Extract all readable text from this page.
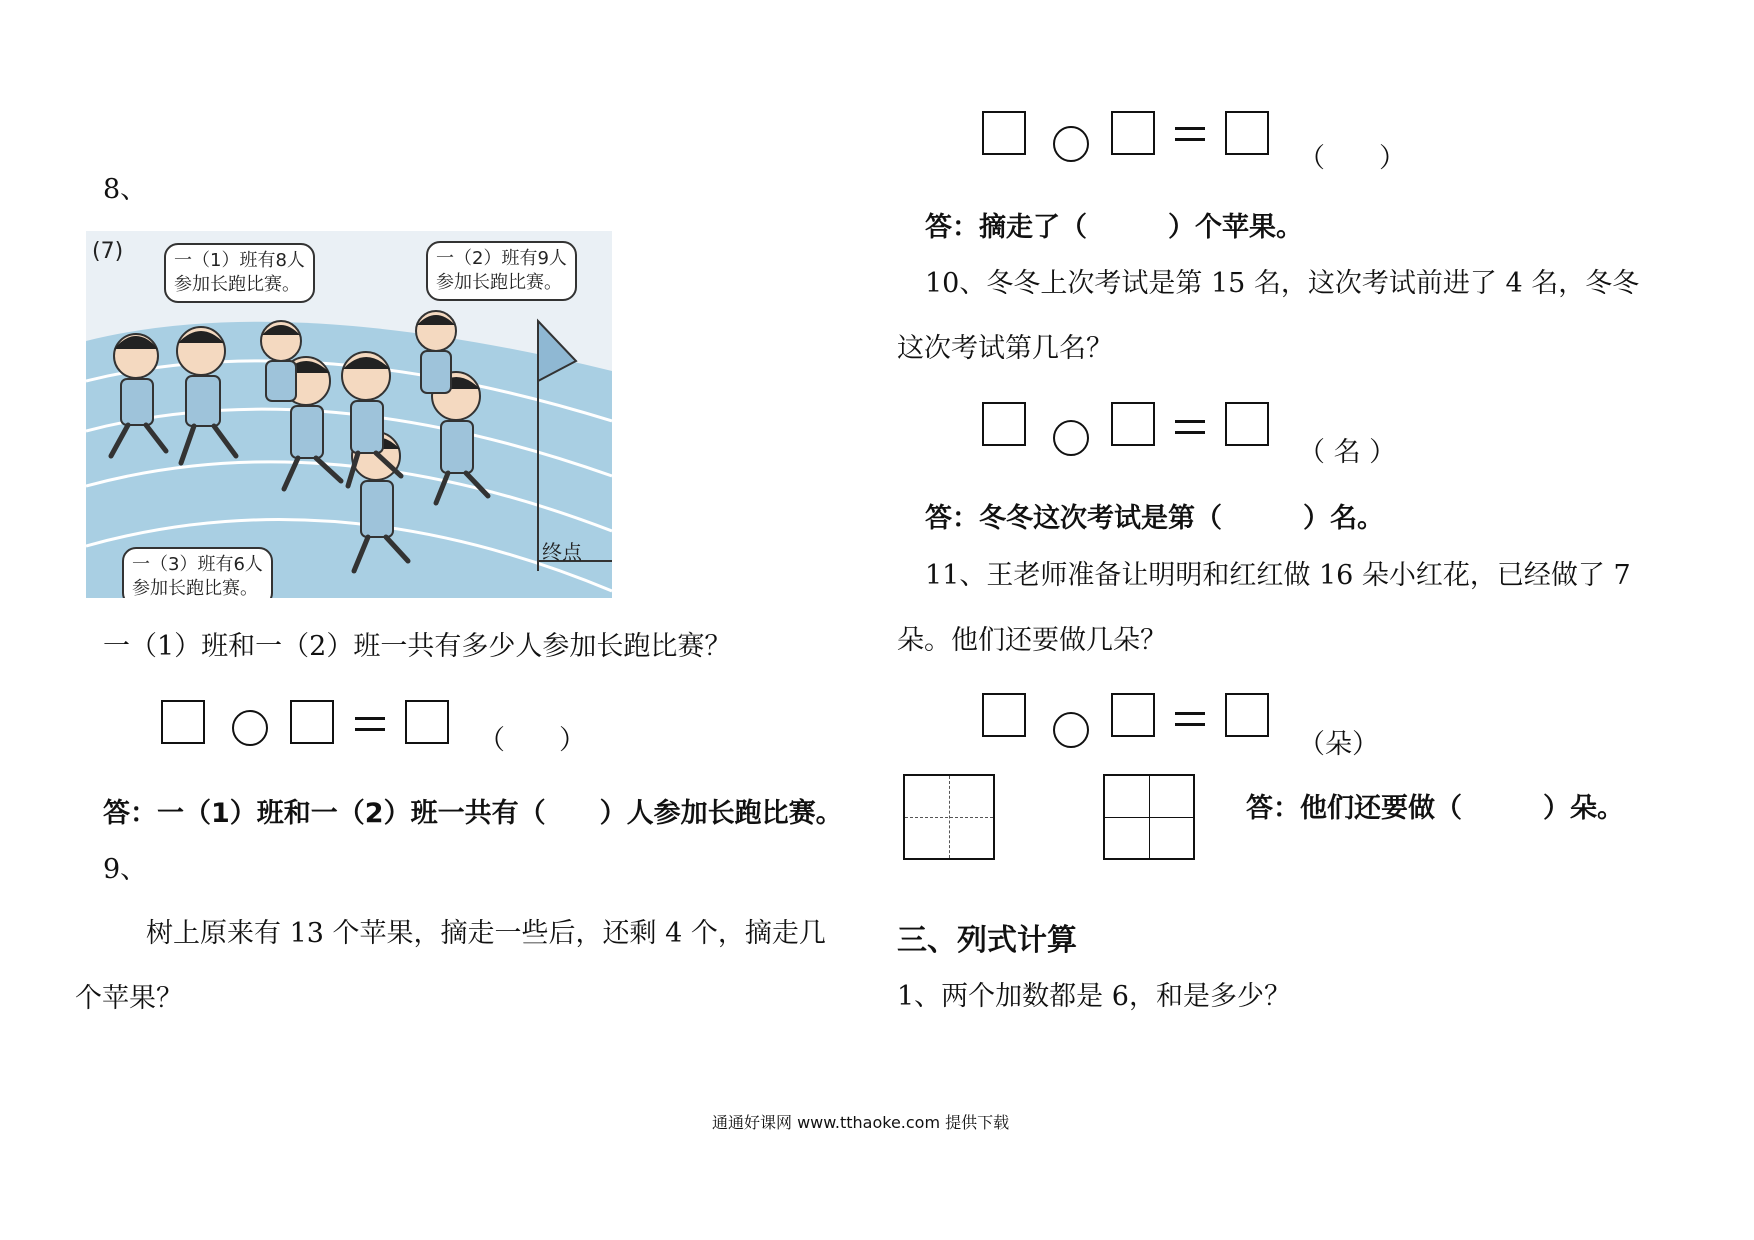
8、
(7)	一（1）班有8人
参加长跑比赛。
一（2）班有9人
参加长跑比赛。
一（3）班有6人
参加长跑比赛。
终点
一（1）班和一（2）班一共有多少人参加长跑比赛？
（　　）
答：一（1）班和一（2）班一共有（　　）人参加长跑比赛。
9、
树上原来有 13 个苹果，摘走一些后，还剩 4 个，摘走几
个苹果？
（　　）
答：摘走了（　　　）个苹果。
10、冬冬上次考试是第 15 名，这次考试前进了 4 名，冬冬
这次考试第几名？
（ 名 ）
答：冬冬这次考试是第（　　　）名。
11、王老师准备让明明和红红做 16 朵小红花，已经做了 7
朵。他们还要做几朵？
（朵）
答：他们还要做（　　　）朵。
三、列式计算
1、两个加数都是 6，和是多少？
通通好课网 www.tthaoke.com 提供下载
